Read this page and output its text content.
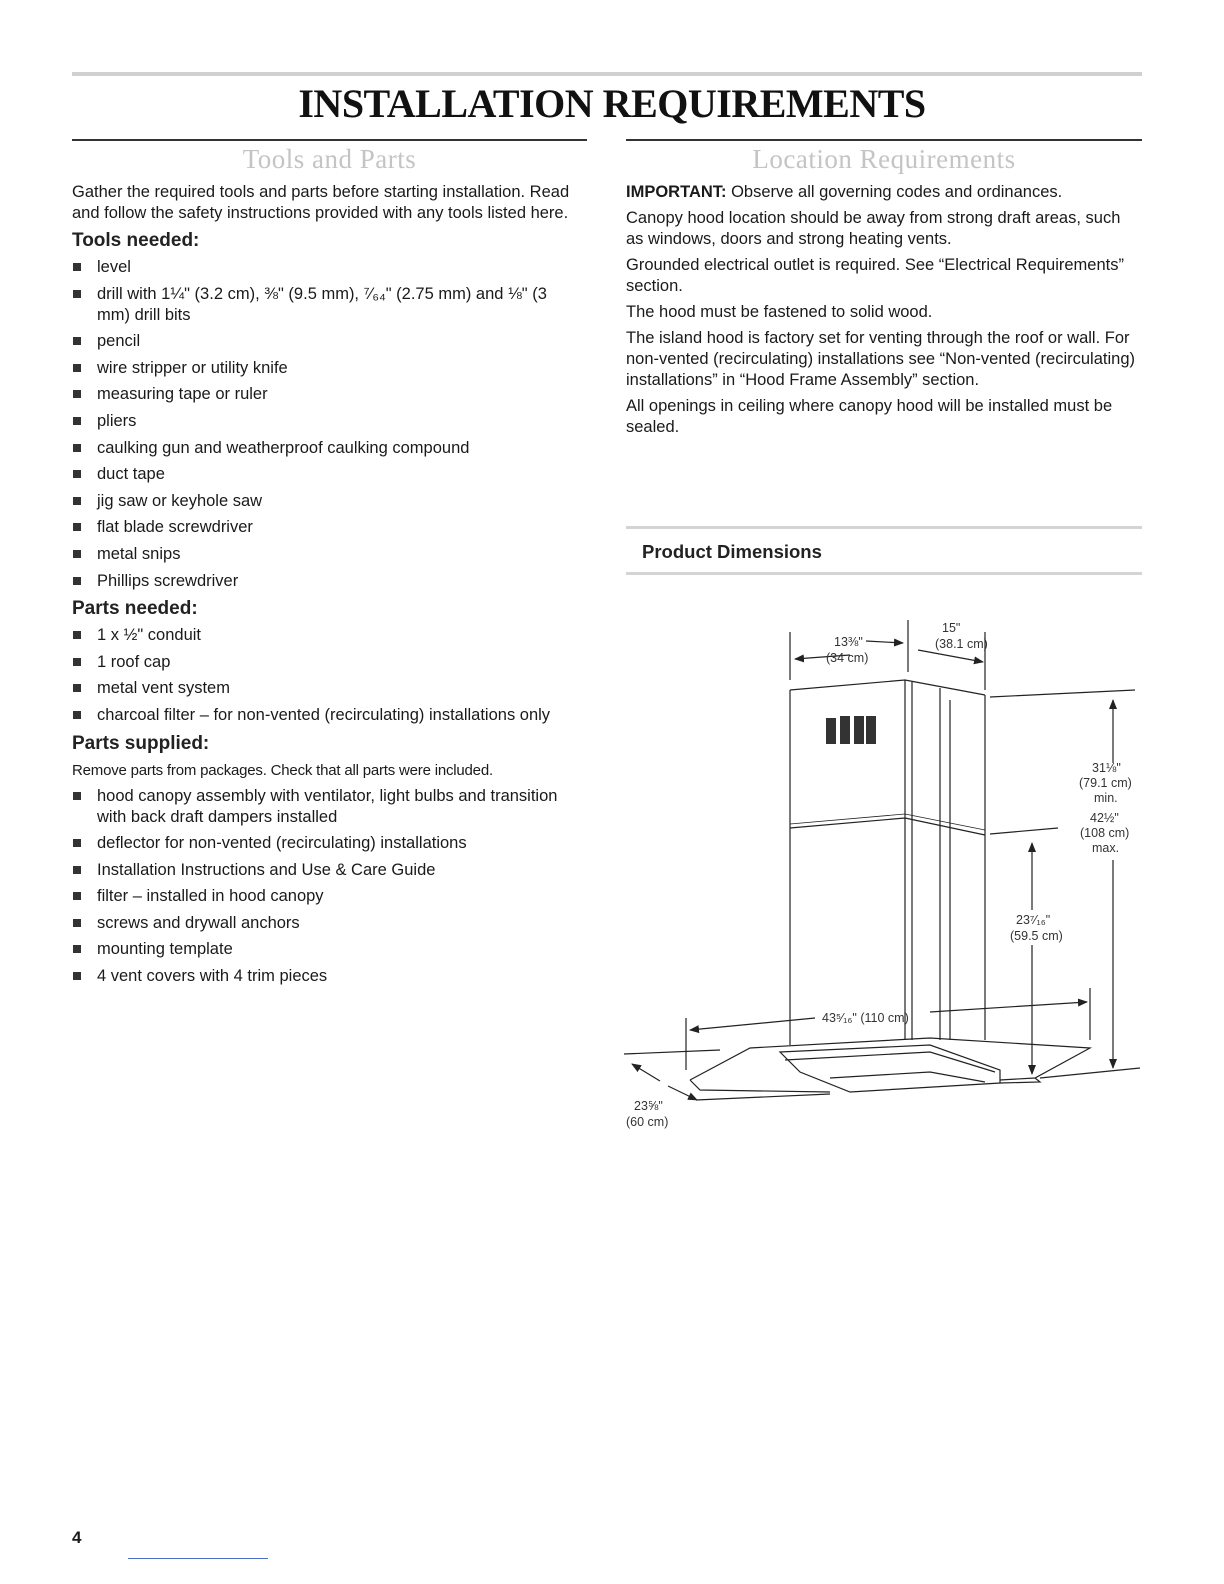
INSTALLATION REQUIREMENTS
Tools and Parts

Gather the required tools and parts before starting installation. Read and follow the safety instructions provided with any tools listed here.

Tools needed:
level
drill with 1¼" (3.2 cm), ⅜" (9.5 mm), ⁷⁄₆₄" (2.75 mm) and ⅛" (3 mm) drill bits
pencil
wire stripper or utility knife
measuring tape or ruler
pliers
caulking gun and weatherproof caulking compound
duct tape
jig saw or keyhole saw
flat blade screwdriver
metal snips
Phillips screwdriver
Parts needed:
1 x ½" conduit
1 roof cap
metal vent system
charcoal filter – for non-vented (recirculating) installations only
Parts supplied:

Remove parts from packages. Check that all parts were included.

hood canopy assembly with ventilator, light bulbs and transition with back draft dampers installed
deflector for non-vented (recirculating) installations
Installation Instructions and Use & Care Guide
filter – installed in hood canopy
screws and drywall anchors
mounting template
4 vent covers with 4 trim pieces
Location Requirements

IMPORTANT: Observe all governing codes and ordinances.

Canopy hood location should be away from strong draft areas, such as windows, doors and strong heating vents.

Grounded electrical outlet is required. See “Electrical Requirements” section.

The hood must be fastened to solid wood.

The island hood is factory set for venting through the roof or wall. For non-vented (recirculating) installations see “Non-vented (recirculating) installations” in “Hood Frame Assembly” section.

All openings in ceiling where canopy hood will be installed must be sealed.

Product Dimensions
13⅜"
(34 cm)
15"
(38.1 cm)
31⅛"
(79.1 cm)
min.
42½"
(108 cm)
max.
23⁷⁄₁₆"
(59.5 cm)
43⁵⁄₁₆" (110 cm)
23⅝"
(60 cm)
4
